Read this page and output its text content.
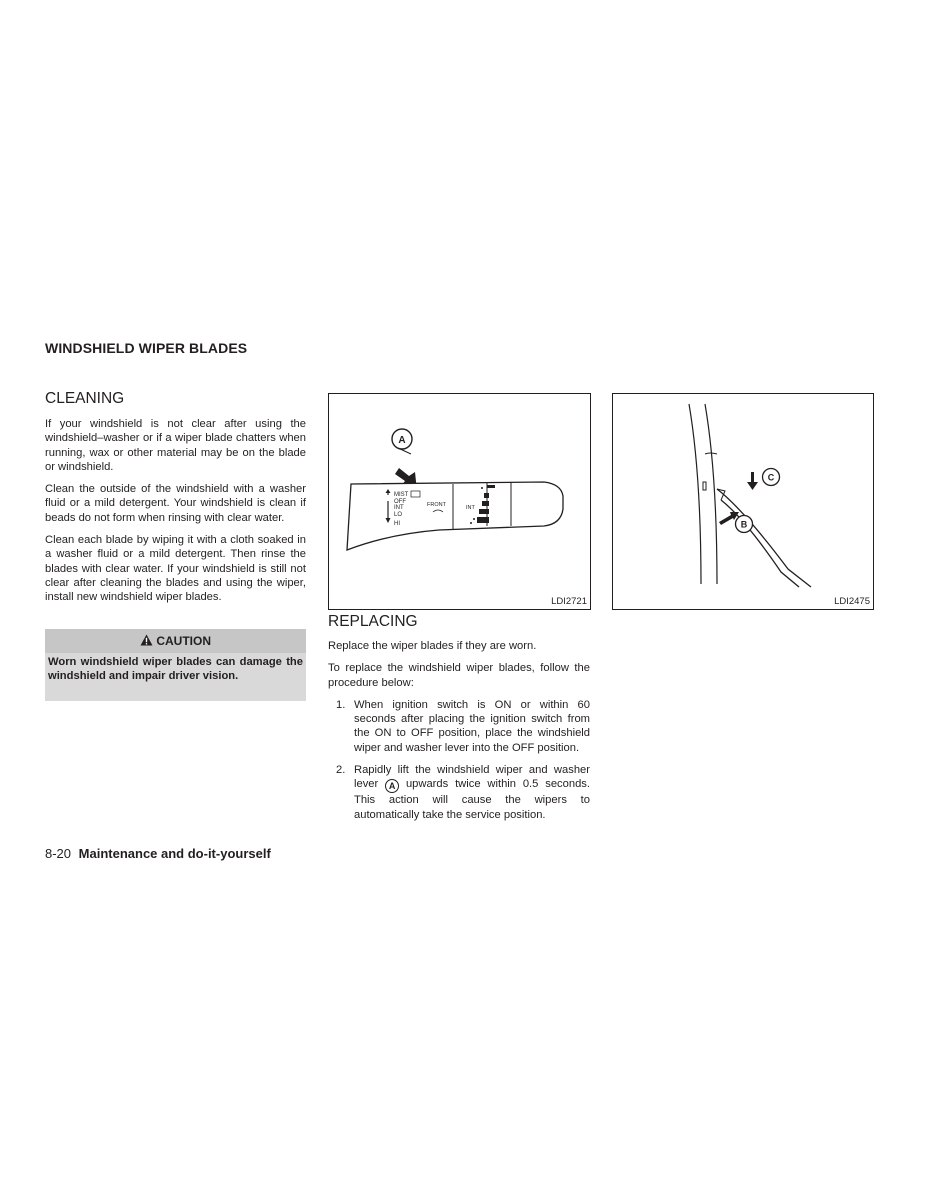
WINDSHIELD WIPER BLADES
CLEANING

If your windshield is not clear after using the windshield–washer or if a wiper blade chatters when running, wax or other material may be on the blade or windshield.

Clean the outside of the windshield with a washer fluid or a mild detergent. Your windshield is clean if beads do not form when rinsing with clear water.

Clean each blade by wiping it with a cloth soaked in a washer fluid or a mild detergent. Then rinse the blades with clear water. If your windshield is still not clear after cleaning the blades and using the wiper, install new windshield wiper blades.

CAUTION
Worn windshield wiper blades can damage the windshield and impair driver vision.
A
MIST
OFF
INT
LO
HI
FRONT	INT
LDI2721
C
B
LDI2475
REPLACING

Replace the wiper blades if they are worn.

To replace the windshield wiper blades, follow the procedure below:

1. When ignition switch is ON or within 60 seconds after placing the ignition switch from the ON to OFF position, place the windshield wiper and washer lever into the OFF position.
2. Rapidly lift the windshield wiper and washer lever A upwards twice within 0.5 seconds. This action will cause the wipers to automatically take the service position.
8-20 Maintenance and do-it-yourself
